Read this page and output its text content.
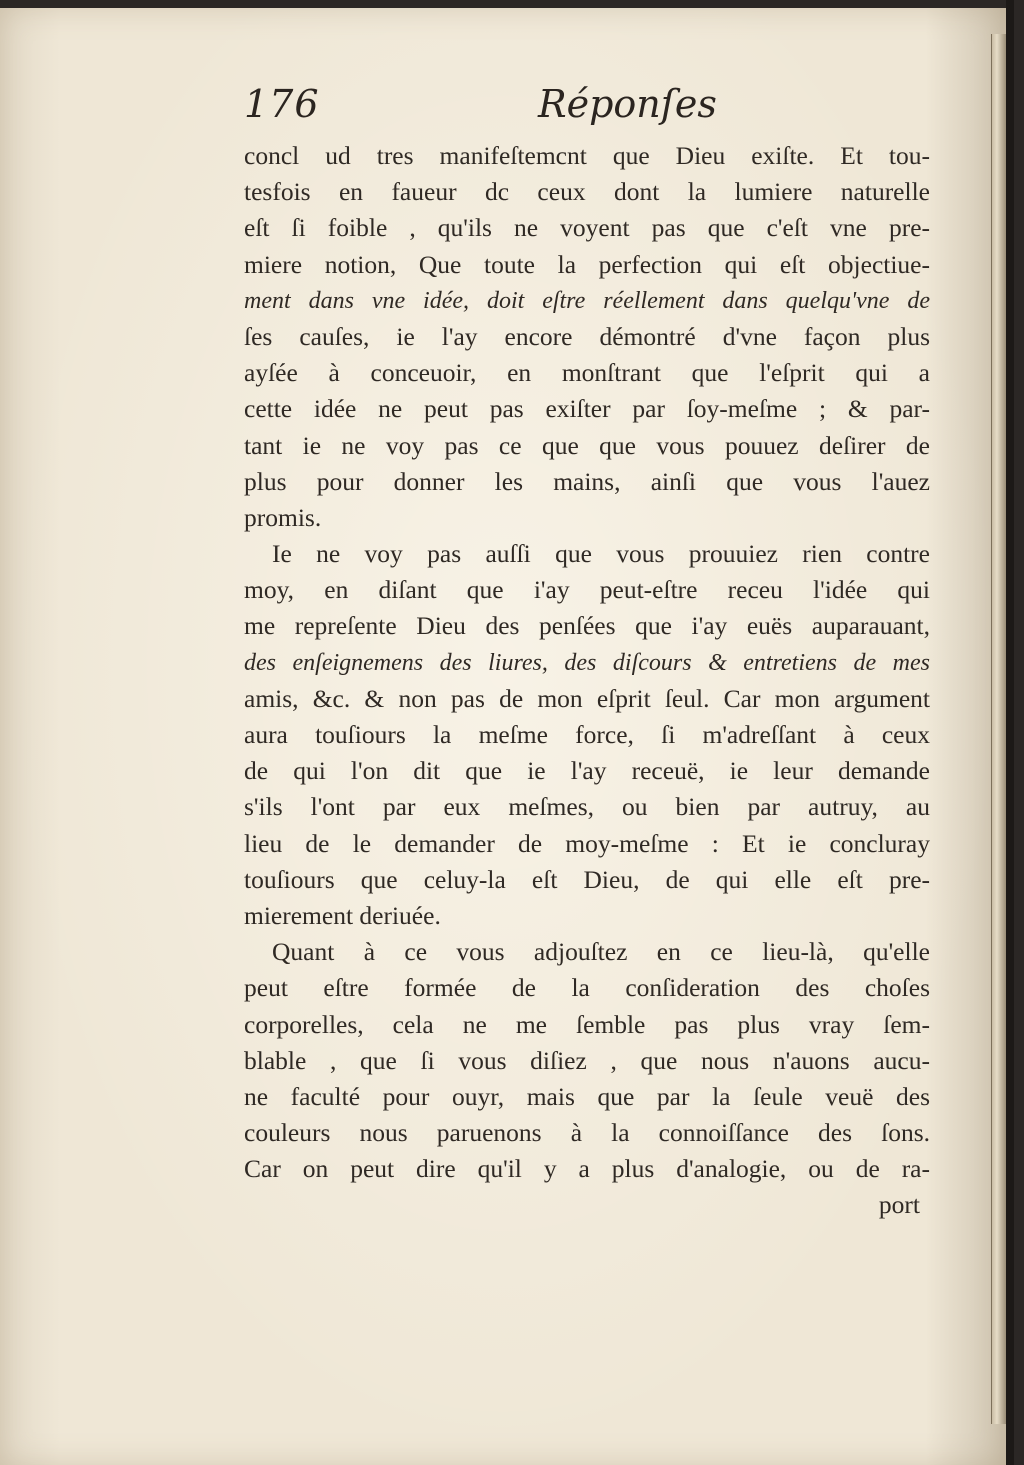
176	Réponſes
concl ud tres manifeſtemcnt que Dieu exiſte. Et tou-
tesfois en faueur dc ceux dont la lumiere naturelle
eſt ſi foible , qu'ils ne voyent pas que c'eſt vne pre-
miere notion, Que toute la perfection qui eſt objectiue-
ment dans vne idée, doit eſtre réellement dans quelqu'vne de
ſes cauſes, ie l'ay encore démontré d'vne façon plus
ayſée à conceuoir, en monſtrant que l'eſprit qui a
cette idée ne peut pas exiſter par ſoy-meſme ; & par-
tant ie ne voy pas ce que que vous pouuez deſirer de
plus pour donner les mains, ainſi que vous l'auez
promis.
Ie ne voy pas auſſi que vous prouuiez rien contre
moy, en diſant que i'ay peut-eſtre receu l'idée qui
me repreſente Dieu des penſées que i'ay euës auparauant,
des enſeignemens des liures, des diſcours & entretiens de mes
amis, &c. & non pas de mon eſprit ſeul. Car mon argument
aura touſiours la meſme force, ſi m'adreſſant à ceux
de qui l'on dit que ie l'ay receuë, ie leur demande
s'ils l'ont par eux meſmes, ou bien par autruy, au
lieu de le demander de moy-meſme : Et ie concluray
touſiours que celuy-la eſt Dieu, de qui elle eſt pre-
mierement deriuée.
Quant à ce vous adjouſtez en ce lieu-là, qu'elle
peut eſtre formée de la conſideration des choſes
corporelles, cela ne me ſemble pas plus vray ſem-
blable , que ſi vous diſiez , que nous n'auons aucu-
ne faculté pour ouyr, mais que par la ſeule veuë des
couleurs nous paruenons à la connoiſſance des ſons.
Car on peut dire qu'il y a plus d'analogie, ou de ra-
port
